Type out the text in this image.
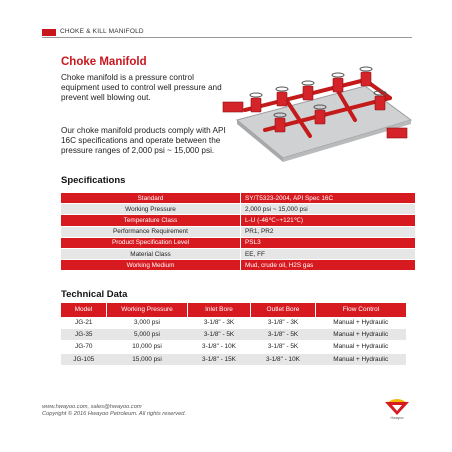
CHOKE & KILL MANIFOLD
Choke Manifold
Choke manifold is a pressure control equipment used to control well pressure and prevent well blowing out.
Our choke manifold products comply with API 16C specifications and operate between the pressure ranges of 2,000 psi ~ 15,000 psi.
Specifications
Standard	SY/T5323-2004, API Spec 16C
Working Pressure	2,000 psi ~ 15,000 psi
Temperature Class	L-U (-46℃~+121℃)
Performance Requirement	PR1, PR2
Product Specification Level	PSL3
Material Class	EE, FF
Working Medium	Mud, crude oil, H2S gas
Technical Data
Model	Working Pressure	Inlet Bore	Outlet Bore	Flow Control
JG-21	3,000 psi	3-1/8" - 3K	3-1/8" - 3K	Manual + Hydraulic
JG-35	5,000 psi	3-1/8" - 5K	3-1/8" - 5K	Manual + Hydraulic
JG-70	10,000 psi	3-1/8" - 10K	3-1/8" - 5K	Manual + Hydraulic
JG-105	15,000 psi	3-1/8" - 15K	3-1/8" - 10K	Manual + Hydraulic
www.hwayoo.com, sales@hwayoo.com
Copyright © 2016 Hwayoo Petroleum. All rights reserved.
Hwayoo
